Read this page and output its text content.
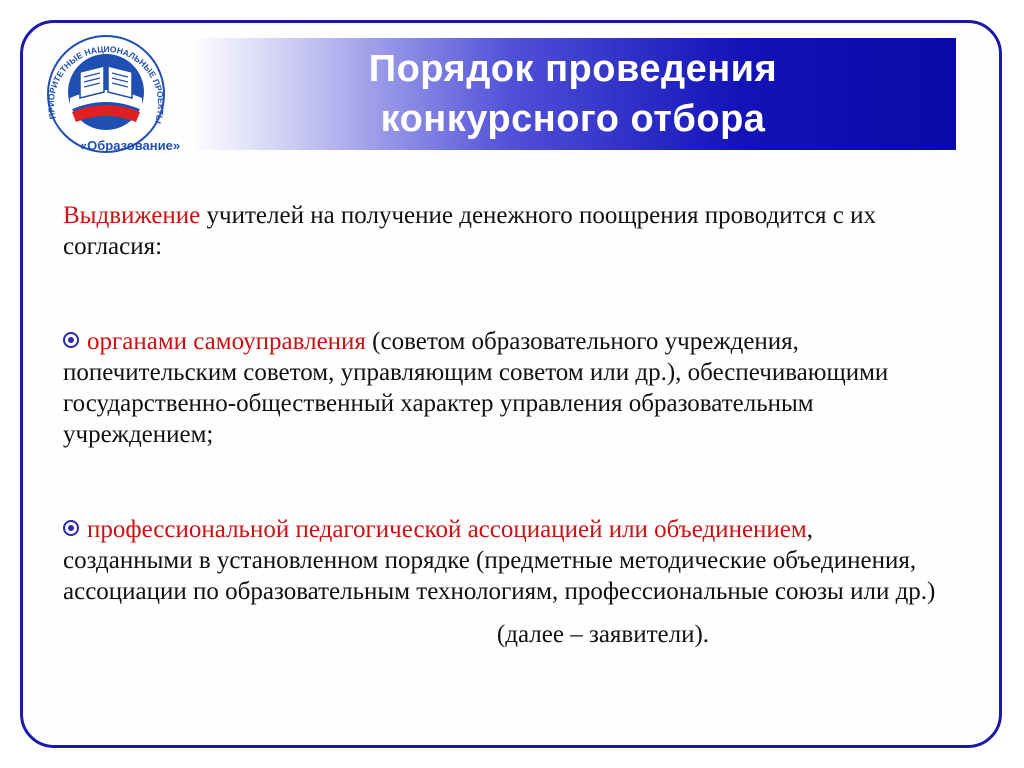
ПРИОРИТЕТНЫЕ НАЦИОНАЛЬНЫЕ ПРОЕКТЫ
«Образование»
Порядок проведения
конкурсного отбора

Выдвижение учителей на получение денежного поощрения проводится с их согласия:

органами самоуправления (советом образовательного учреждения, попечительским советом, управляющим советом или др.), обеспечивающими государственно-общественный характер управления образовательным учреждением;

профессиональной педагогической ассоциацией или объединением, созданными в установленном порядке (предметные методические объединения, ассоциации по образовательным технологиям, профессиональные союзы или др.)

(далее – заявители).
